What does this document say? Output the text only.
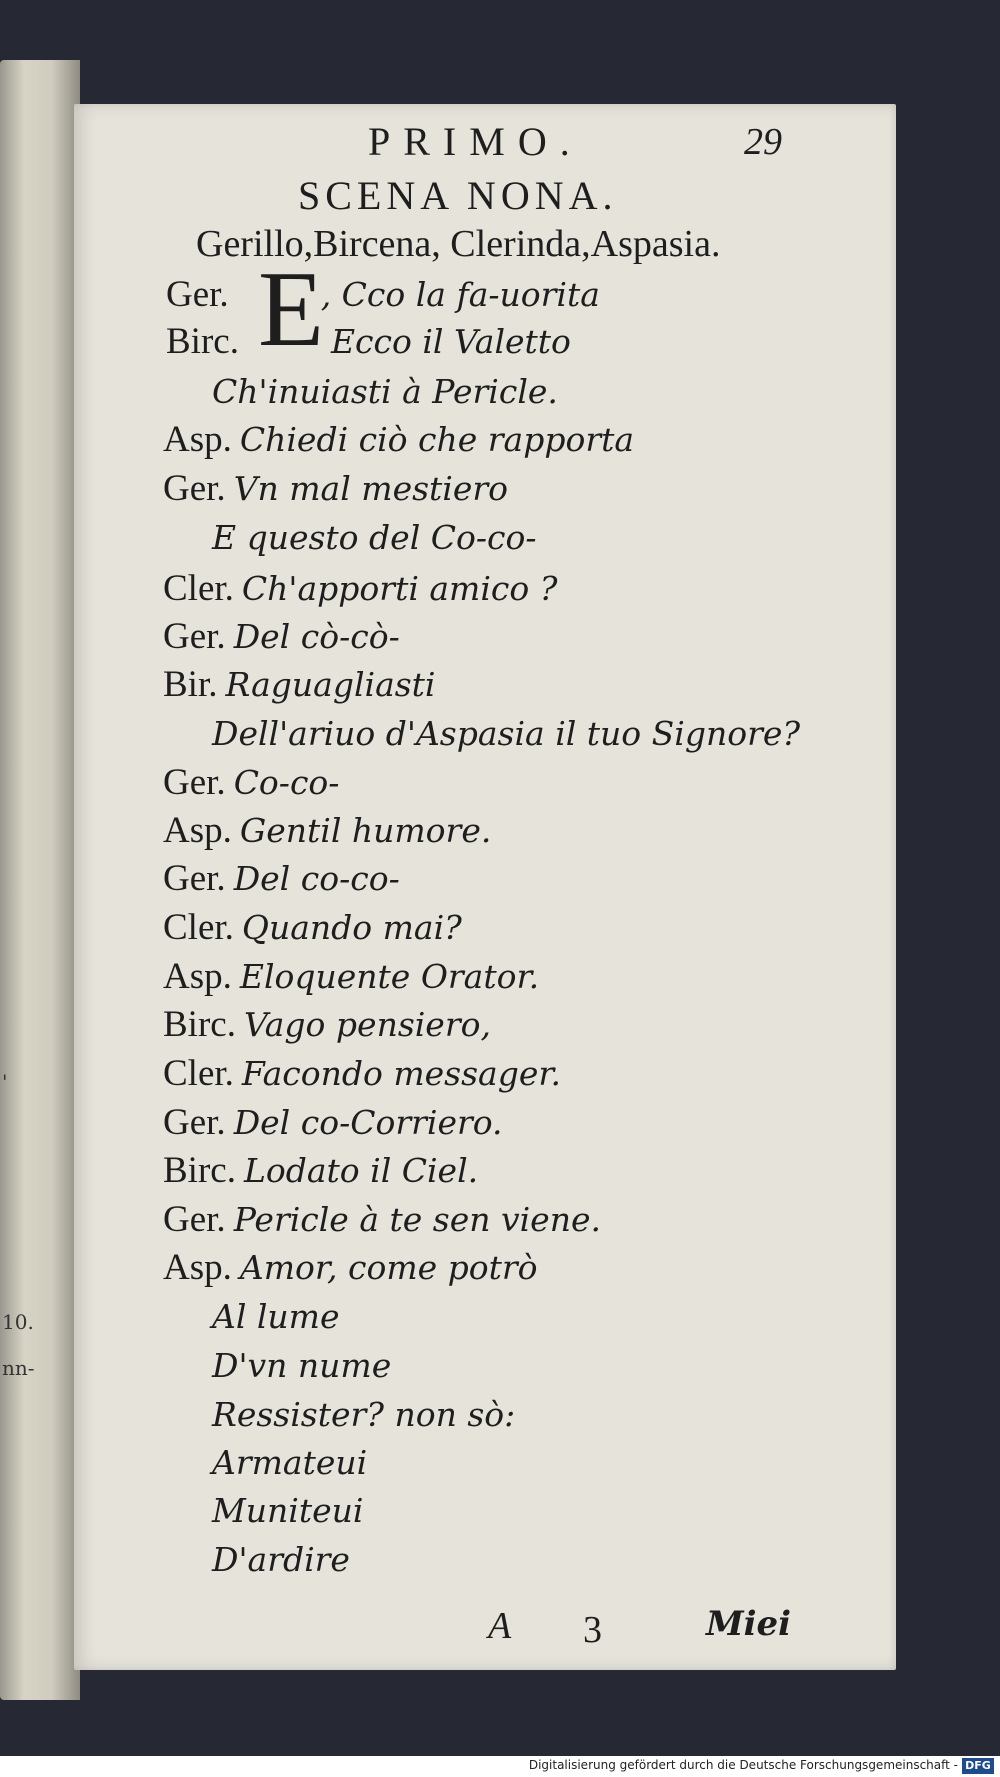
'
10.
nn-
PRIMO.	29
SCENA NONA.
Gerillo,Bircena, Clerinda,Aspasia.
E
Ger.	, Cco la fa-uorita
Birc.	Ecco il Valetto
Ch'inuiasti à Pericle.
Asp. Chiedi ciò che rapporta
Ger. Vn mal mestiero
E questo del Co-co-
Cler. Ch'apporti amico ?
Ger. Del cò-cò-
Bir. Raguagliasti
Dell'ariuo d'Aspasia il tuo Signore?
Ger. Co-co-
Asp. Gentil humore.
Ger. Del co-co-
Cler. Quando mai?
Asp. Eloquente Orator.
Birc. Vago pensiero,
Cler. Facondo messager.
Ger. Del co-Corriero.
Birc. Lodato il Ciel.
Ger. Pericle à te sen viene.
Asp. Amor, come potrò
Al lume
D'vn nume
Ressister? non sò:
Armateui
Muniteui
D'ardire
A 3	Miei
Digitalisierung gefördert durch die Deutsche Forschungsgemeinschaft - DFG
